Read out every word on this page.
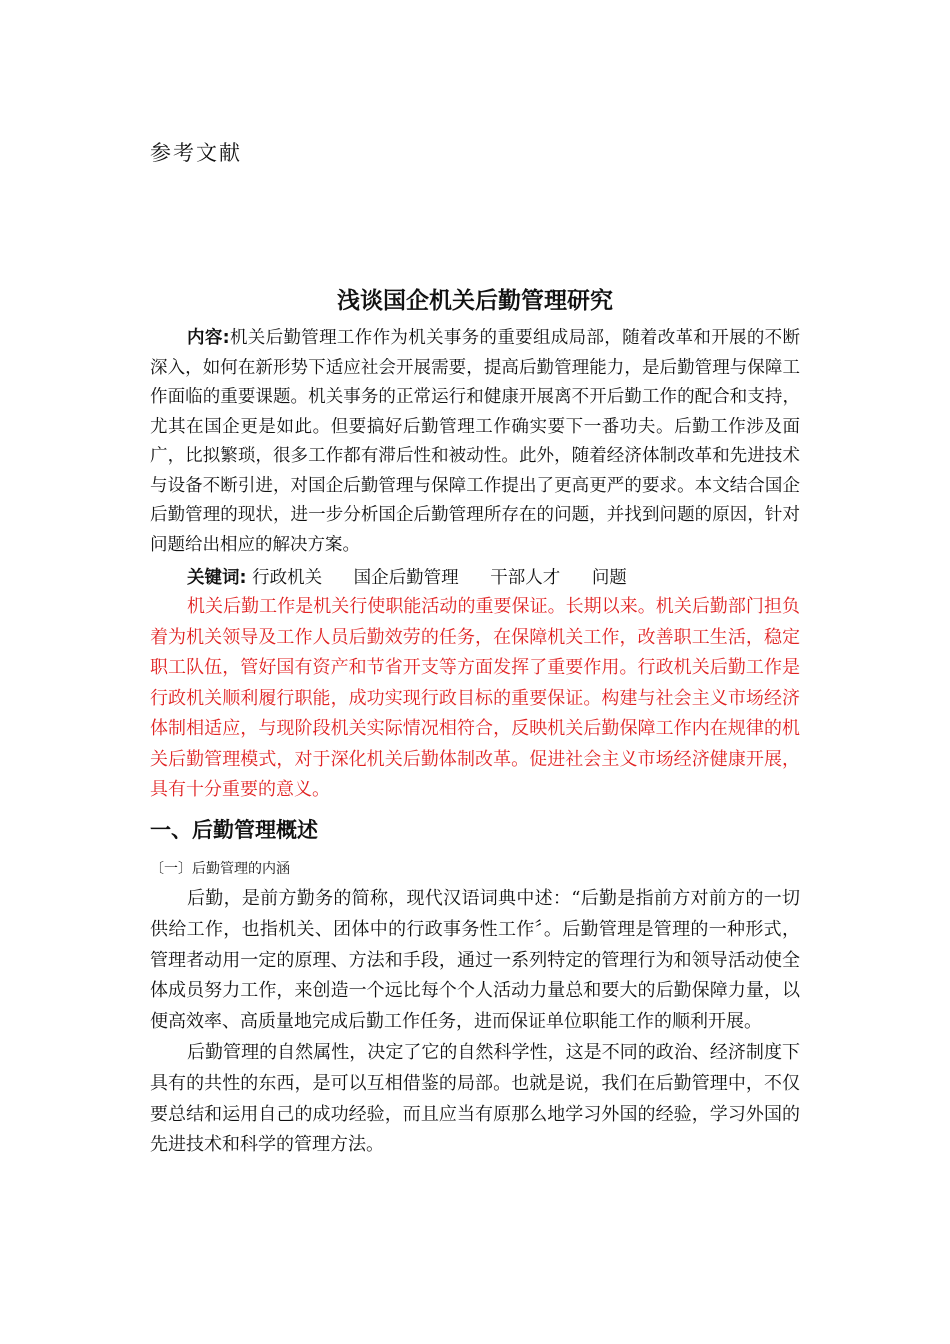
参考文献
浅谈国企机关后勤管理研究

内容:机关后勤管理工作作为机关事务的重要组成局部，随着改革和开展的不断深入，如何在新形势下适应社会开展需要，提高后勤管理能力，是后勤管理与保障工作面临的重要课题。机关事务的正常运行和健康开展离不开后勤工作的配合和支持，尤其在国企更是如此。但要搞好后勤管理工作确实要下一番功夫。后勤工作涉及面广，比拟繁琐，很多工作都有滞后性和被动性。此外，随着经济体制改革和先进技术与设备不断引进，对国企后勤管理与保障工作提出了更高更严的要求。本文结合国企后勤管理的现状，进一步分析国企后勤管理所存在的问题，并找到问题的原因，针对问题给出相应的解决方案。

关键词: 行政机关 国企后勤管理 干部人才 问题

机关后勤工作是机关行使职能活动的重要保证。长期以来。机关后勤部门担负着为机关领导及工作人员后勤效劳的任务，在保障机关工作，改善职工生活，稳定职工队伍，管好国有资产和节省开支等方面发挥了重要作用。行政机关后勤工作是行政机关顺利履行职能，成功实现行政目标的重要保证。构建与社会主义市场经济体制相适应，与现阶段机关实际情况相符合，反映机关后勤保障工作内在规律的机关后勤管理模式，对于深化机关后勤体制改革。促进社会主义市场经济健康开展，具有十分重要的意义。

一、后勤管理概述
〔一〕后勤管理的内涵

后勤，是前方勤务的简称，现代汉语词典中述：“后勤是指前方对前方的一切供给工作，也指机关、团体中的行政事务性工作〞。后勤管理是管理的一种形式，管理者动用一定的原理、方法和手段，通过一系列特定的管理行为和领导活动使全体成员努力工作，来创造一个远比每个个人活动力量总和要大的后勤保障力量，以便高效率、高质量地完成后勤工作任务，进而保证单位职能工作的顺利开展。

后勤管理的自然属性，决定了它的自然科学性，这是不同的政治、经济制度下具有的共性的东西，是可以互相借鉴的局部。也就是说，我们在后勤管理中，不仅要总结和运用自己的成功经验，而且应当有原那么地学习外国的经验，学习外国的先进技术和科学的管理方法。
